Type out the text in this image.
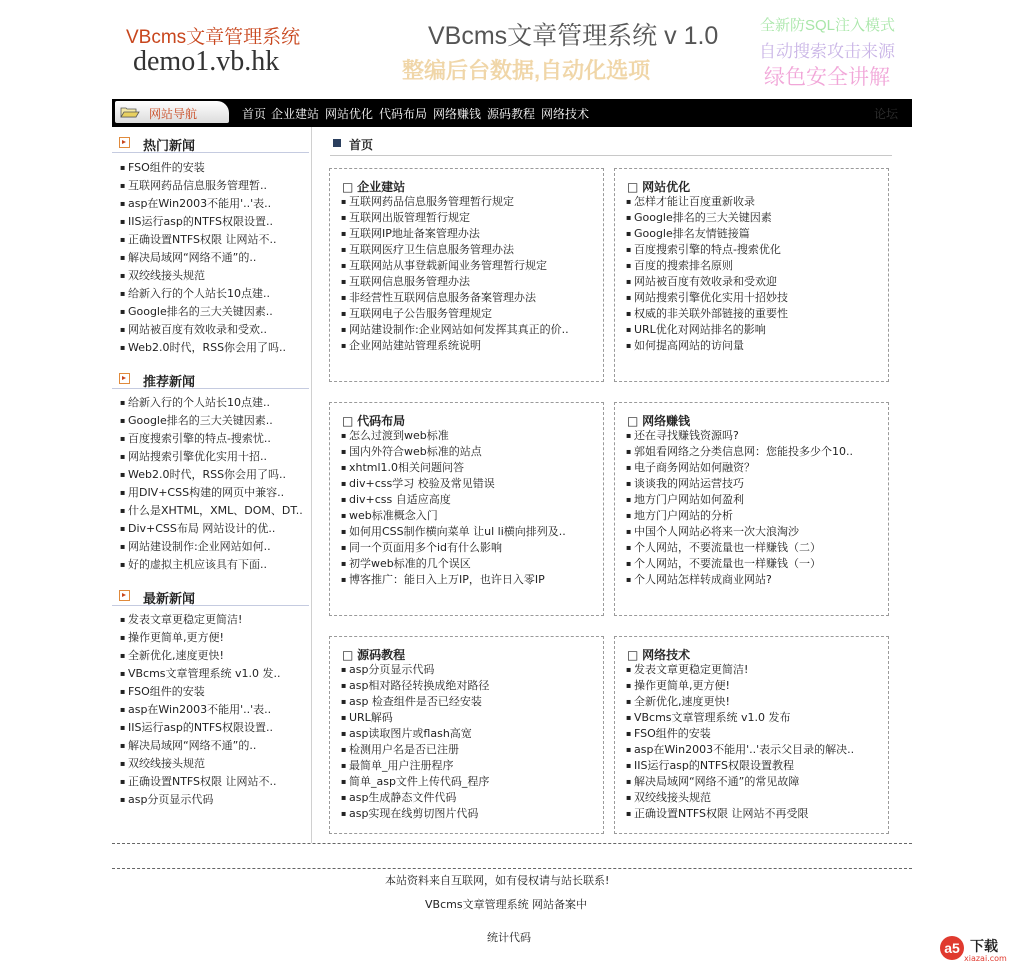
VBcms文章管理系统
demo1.vb.hk
VBcms文章管理系统 v 1.0
整编后台数据,自动化选项
全新防SQL注入模式
自动搜索攻击来源
绿色安全讲解
网站导航	首页 企业建站 网站优化 代码布局 网络赚钱 源码教程 网络技术	论坛
热门新闻
▪ FSO组件的安装
▪ 互联网药品信息服务管理暂..
▪ asp在Win2003不能用'..'表..
▪ IIS运行asp的NTFS权限设置..
▪ 正确设置NTFS权限 让网站不..
▪ 解决局域网“网络不通”的..
▪ 双绞线接头规范
▪ 给新入行的个人站长10点建..
▪ Google排名的三大关键因素..
▪ 网站被百度有效收录和受欢..
▪ Web2.0时代，RSS你会用了吗..
推荐新闻
▪ 给新入行的个人站长10点建..
▪ Google排名的三大关键因素..
▪ 百度搜索引擎的特点-搜索忧..
▪ 网站搜索引擎优化实用十招..
▪ Web2.0时代，RSS你会用了吗..
▪ 用DIV+CSS构建的网页中兼容..
▪ 什么是XHTML，XML、DOM、DT..
▪ Div+CSS布局 网站设计的优..
▪ 网站建设制作:企业网站如何..
▪ 好的虚拟主机应该具有下面..
最新新闻
▪ 发表文章更稳定更简洁!
▪ 操作更简单,更方便!
▪ 全新优化,速度更快!
▪ VBcms文章管理系统 v1.0 发..
▪ FSO组件的安装
▪ asp在Win2003不能用'..'表..
▪ IIS运行asp的NTFS权限设置..
▪ 解决局域网“网络不通”的..
▪ 双绞线接头规范
▪ 正确设置NTFS权限 让网站不..
▪ asp分页显示代码
首页
□ 企业建站
▪ 互联网药品信息服务管理暂行规定
▪ 互联网出版管理暂行规定
▪ 互联网IP地址备案管理办法
▪ 互联网医疗卫生信息服务管理办法
▪ 互联网站从事登载新闻业务管理暂行规定
▪ 互联网信息服务管理办法
▪ 非经营性互联网信息服务备案管理办法
▪ 互联网电子公告服务管理规定
▪ 网站建设制作:企业网站如何发挥其真正的价..
▪ 企业网站建站管理系统说明
□ 网站优化
▪ 怎样才能让百度重新收录
▪ Google排名的三大关键因素
▪ Google排名友情链接篇
▪ 百度搜索引擎的特点-搜索优化
▪ 百度的搜索排名原则
▪ 网站被百度有效收录和受欢迎
▪ 网站搜索引擎优化实用十招妙技
▪ 权威的非关联外部链接的重要性
▪ URL优化对网站排名的影响
▪ 如何提高网站的访问量
□ 代码布局
▪ 怎么过渡到web标准
▪ 国内外符合web标准的站点
▪ xhtml1.0相关问题问答
▪ div+css学习 校验及常见错误
▪ div+css 自适应高度
▪ web标准概念入门
▪ 如何用CSS制作横向菜单 让ul li横向排列及..
▪ 同一个页面用多个id有什么影响
▪ 初学web标准的几个误区
▪ 博客推广：能日入上万IP，也许日入零IP
□ 网络赚钱
▪ 还在寻找赚钱资源吗?
▪ 郭姐看网络之分类信息网：您能投多少个10..
▪ 电子商务网站如何融资？
▪ 谈谈我的网站运营技巧
▪ 地方门户网站如何盈利
▪ 地方门户网站的分析
▪ 中国个人网站必将来一次大浪淘沙
▪ 个人网站，不要流量也一样赚钱（二）
▪ 个人网站，不要流量也一样赚钱（一）
▪ 个人网站怎样转成商业网站?
□ 源码教程
▪ asp分页显示代码
▪ asp相对路径转换成绝对路径
▪ asp 检查组件是否已经安装
▪ URL解码
▪ asp读取图片或flash高宽
▪ 检测用户名是否已注册
▪ 最简单_用户注册程序
▪ 简单_asp文件上传代码_程序
▪ asp生成静态文件代码
▪ asp实现在线剪切图片代码
□ 网络技术
▪ 发表文章更稳定更简洁!
▪ 操作更简单,更方便!
▪ 全新优化,速度更快!
▪ VBcms文章管理系统 v1.0 发布
▪ FSO组件的安装
▪ asp在Win2003不能用'..'表示父目录的解决..
▪ IIS运行asp的NTFS权限设置教程
▪ 解决局域网“网络不通”的常见故障
▪ 双绞线接头规范
▪ 正确设置NTFS权限 让网站不再受限
本站资料来自互联网，如有侵权请与站长联系!
VBcms文章管理系统 网站备案中
统计代码
a5 下载
xiazai.com
